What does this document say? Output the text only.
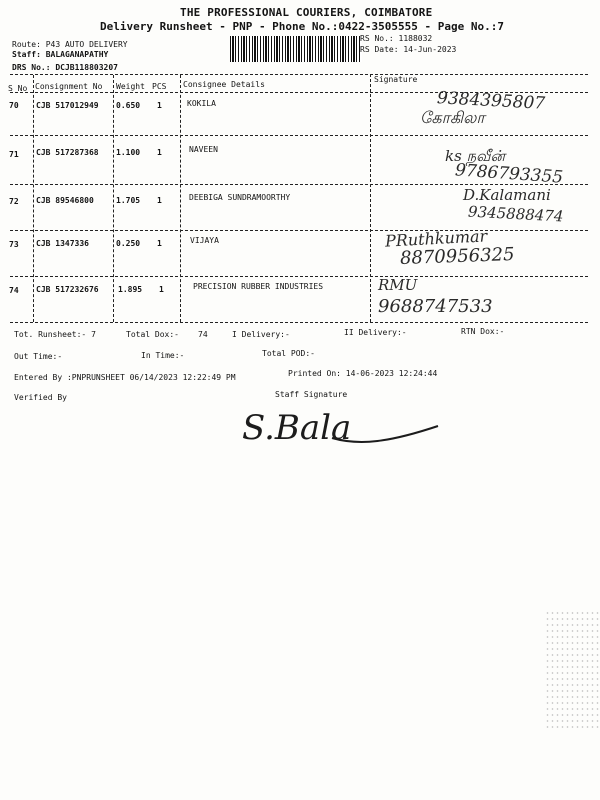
THE PROFESSIONAL COURIERS, COIMBATORE
Delivery Runsheet - PNP - Phone No.:0422-3505555 - Page No.:7
Route: P43 AUTO DELIVERY
Staff: BALAGANAPATHY
DRS No.: DCJB118803207
RS No.: 1188032
RS Date: 14-Jun-2023
S No Consignment No Weight PCS Consignee Details
Signature
70 CJB 517012949 0.650 1	KOKILA	9384395807
கோகிலா
71 CJB 517287368 1.100 1	NAVEEN	ks நவீன்
9786793355
72 CJB 89546800	1.705 1	DEEBIGA SUNDRAMOORTHY	D.Kalamani
9345888474
73 CJB 1347336	0.250 1	VIJAYA	PRuthkumar
8870956325
74 CJB 517232676 1.895 1	PRECISION RUBBER INDUSTRIES	RMU
9688747533
Tot. Runsheet:- 7	Total Dox:- 74	I Delivery:-	II Delivery:-	RTN Dox:-
Out Time:-	In Time:-	Total POD:-
Entered By :PNPRUNSHEET 06/14/2023 12:22:49 PM	Printed On: 14-06-2023 12:24:44
Verified By	Staff Signature
S.Bala
